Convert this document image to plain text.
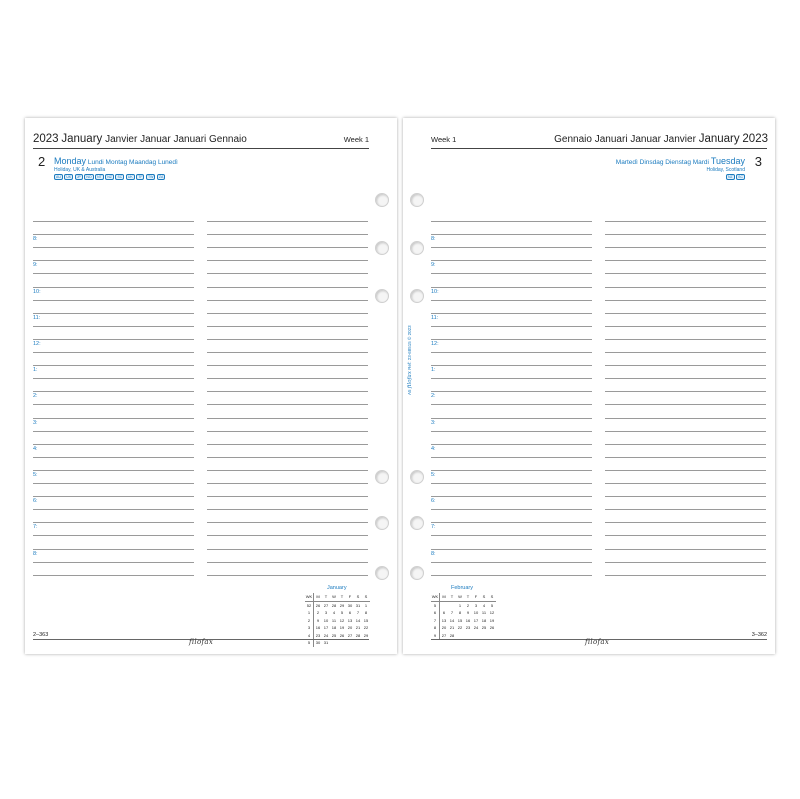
2023 January Janvier Januar Januari Gennaio	Week 1
2 Monday Lundi Montag Maandag Lunedì
Holiday, UK & Australia
AU	UK	JP	NO	NT	NZ	SC	UK	TF	TW	ZA
8:
9:
10:
11:
12:
1:
2:
3:
4:
5:
6:
7:
8:
January
WK	M	T	W	T	F	S	S
52	26	27	28	29	30	31	1
1	2	3	4	5	6	7	8
2	9	10	11	12	13	14	15
3	16	17	18	19	20	21	22
4	23	24	25	26	27	28	29
5	30	31					
2–363
filofax
Week 1	Gennaio Januari Januar Janvier January 2023
Martedì Dinsdag Dienstag Mardi Tuesday 3
Holiday, Scotland
NZ	SC
8:
9:
10:
11:
12:
1:
2:
3:
4:
5:
6:
7:
8:
February
WK	M	T	W	T	F	S	S
5			1	2	3	4	5
6	6	7	8	9	10	11	12
7	13	14	15	16	17	18	19
8	20	21	22	23	24	25	26
9	27	28						3–362
filofax
A5 filofax Ref: 23-68515 © 2023
